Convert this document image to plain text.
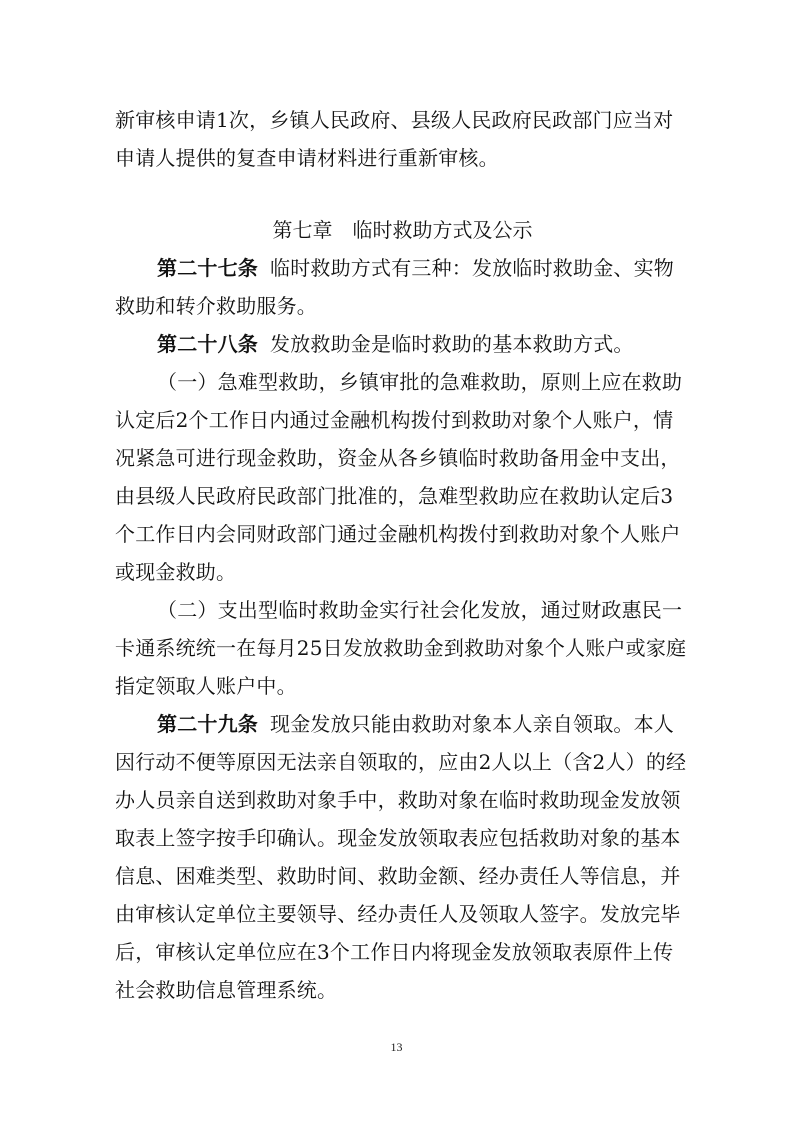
新审核申请1次，乡镇人民政府、县级人民政府民政部门应当对申请人提供的复查申请材料进行重新审核。

第七章　临时救助方式及公示

第二十七条 临时救助方式有三种：发放临时救助金、实物救助和转介救助服务。

第二十八条 发放救助金是临时救助的基本救助方式。

（一）急难型救助，乡镇审批的急难救助，原则上应在救助认定后2个工作日内通过金融机构拨付到救助对象个人账户，情况紧急可进行现金救助，资金从各乡镇临时救助备用金中支出，由县级人民政府民政部门批准的，急难型救助应在救助认定后3个工作日内会同财政部门通过金融机构拨付到救助对象个人账户或现金救助。

（二）支出型临时救助金实行社会化发放，通过财政惠民一卡通系统统一在每月25日发放救助金到救助对象个人账户或家庭指定领取人账户中。

第二十九条 现金发放只能由救助对象本人亲自领取。本人因行动不便等原因无法亲自领取的，应由2人以上（含2人）的经办人员亲自送到救助对象手中，救助对象在临时救助现金发放领取表上签字按手印确认。现金发放领取表应包括救助对象的基本信息、困难类型、救助时间、救助金额、经办责任人等信息，并由审核认定单位主要领导、经办责任人及领取人签字。发放完毕后，审核认定单位应在3个工作日内将现金发放领取表原件上传社会救助信息管理系统。

13
